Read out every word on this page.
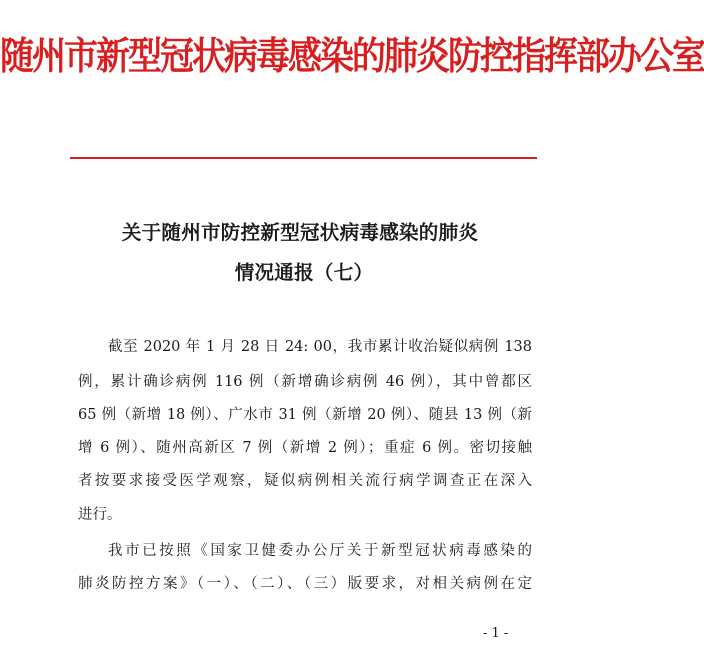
随州市新型冠状病毒感染的肺炎防控指挥部办公室
关于随州市防控新型冠状病毒感染的肺炎
情况通报（七）
截至 2020 年 1 月 28 日 24: 00，我市累计收治疑似病例 138
例，累计确诊病例 116 例（新增确诊病例 46 例），其中曾都区
65 例（新增 18 例）、广水市 31 例（新增 20 例）、随县 13 例（新
增 6 例）、随州高新区 7 例（新增 2 例）；重症 6 例。密切接触
者按要求接受医学观察，疑似病例相关流行病学调查正在深入
进行。
我市已按照《国家卫健委办公厅关于新型冠状病毒感染的
肺炎防控方案》（一）、（二）、（三）版要求，对相关病例在定
- 1 -
